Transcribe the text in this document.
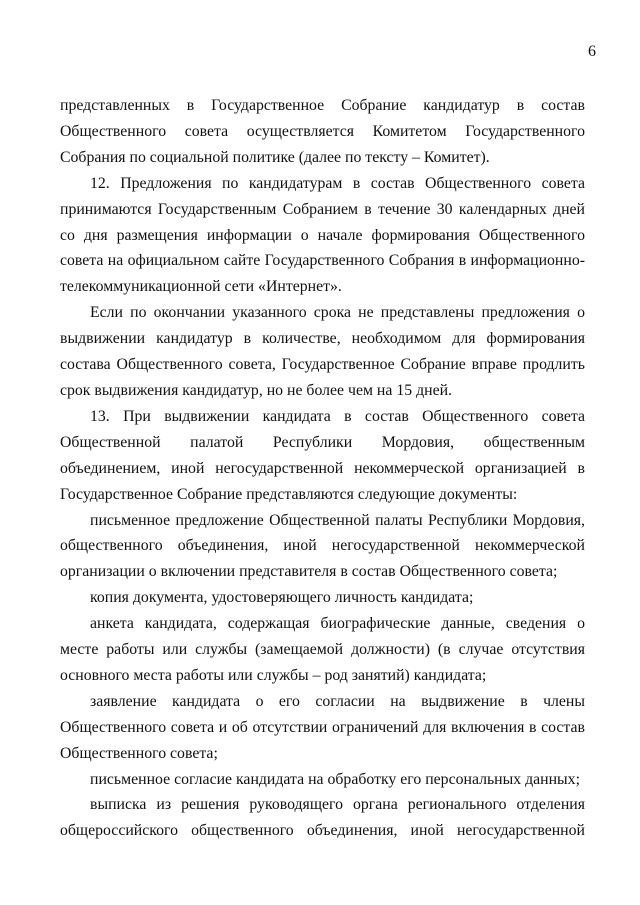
6

представленных в Государственное Собрание кандидатур в состав Общественного совета осуществляется Комитетом Государственного Собрания по социальной политике (далее по тексту – Комитет).

12. Предложения по кандидатурам в состав Общественного совета принимаются Государственным Собранием в течение 30 календарных дней со дня размещения информации о начале формирования Общественного совета на официальном сайте Государственного Собрания в информационно-телекоммуникационной сети «Интернет».

Если по окончании указанного срока не представлены предложения о выдвижении кандидатур в количестве, необходимом для формирования состава Общественного совета, Государственное Собрание вправе продлить срок выдвижения кандидатур, но не более чем на 15 дней.

13. При выдвижении кандидата в состав Общественного совета Общественной палатой Республики Мордовия, общественным объединением, иной негосударственной некоммерческой организацией в Государственное Собрание представляются следующие документы:

письменное предложение Общественной палаты Республики Мордовия, общественного объединения, иной негосударственной некоммерческой организации о включении представителя в состав Общественного совета;

копия документа, удостоверяющего личность кандидата;

анкета кандидата, содержащая биографические данные, сведения о месте работы или службы (замещаемой должности) (в случае отсутствия основного места работы или службы – род занятий) кандидата;

заявление кандидата о его согласии на выдвижение в члены Общественного совета и об отсутствии ограничений для включения в состав Общественного совета;

письменное согласие кандидата на обработку его персональных данных;

выписка из решения руководящего органа регионального отделения общероссийского общественного объединения, иной негосударственной
